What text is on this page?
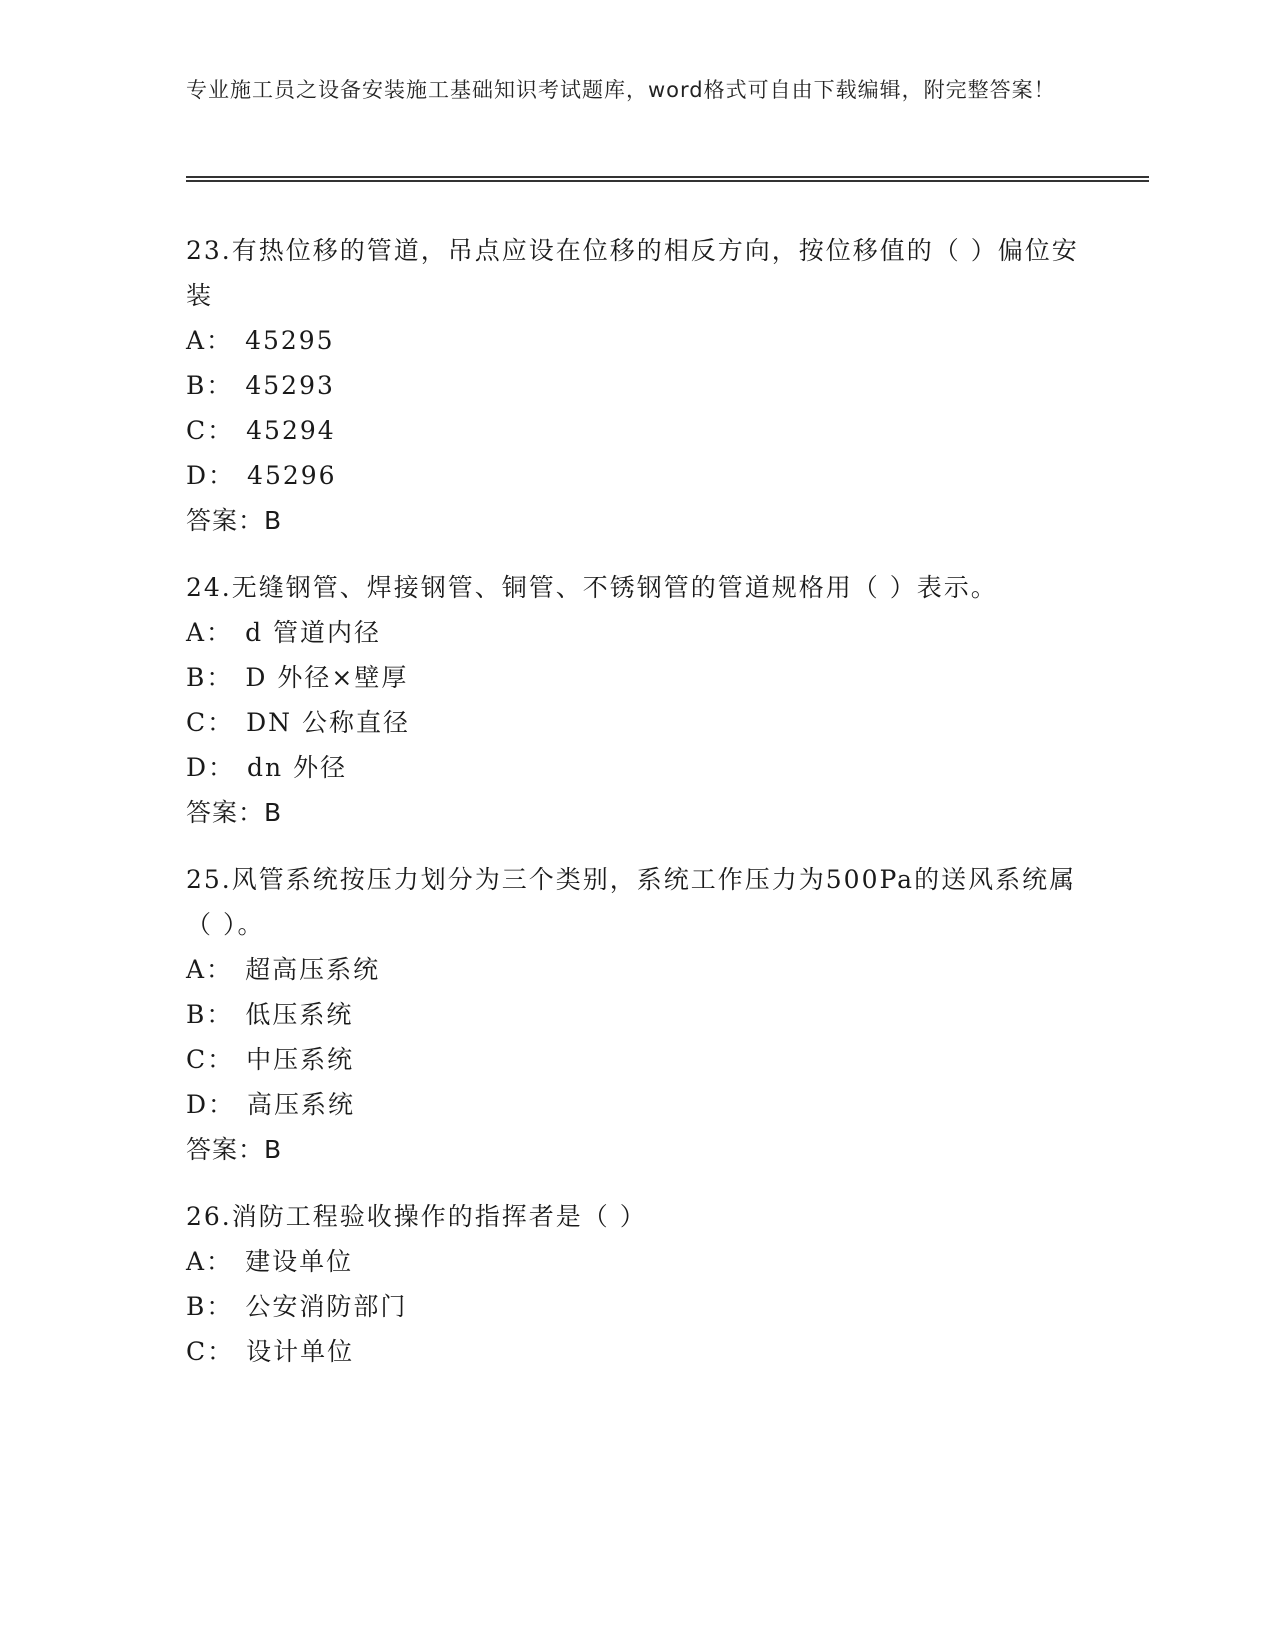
专业施工员之设备安装施工基础知识考试题库，word格式可自由下载编辑，附完整答案！

23.有热位移的管道，吊点应设在位移的相反方向，按位移值的（ ）偏位安装

A： 45295

B： 45293

C： 45294

D： 45296

答案：B

24.无缝钢管、焊接钢管、铜管、不锈钢管的管道规格用（ ）表示。

A： d 管道内径

B： D 外径×壁厚

C： DN 公称直径

D： dn 外径

答案：B

25.风管系统按压力划分为三个类别，系统工作压力为500Pa的送风系统属（ ）。

A： 超高压系统

B： 低压系统

C： 中压系统

D： 高压系统

答案：B

26.消防工程验收操作的指挥者是（ ）

A： 建设单位

B： 公安消防部门

C： 设计单位
